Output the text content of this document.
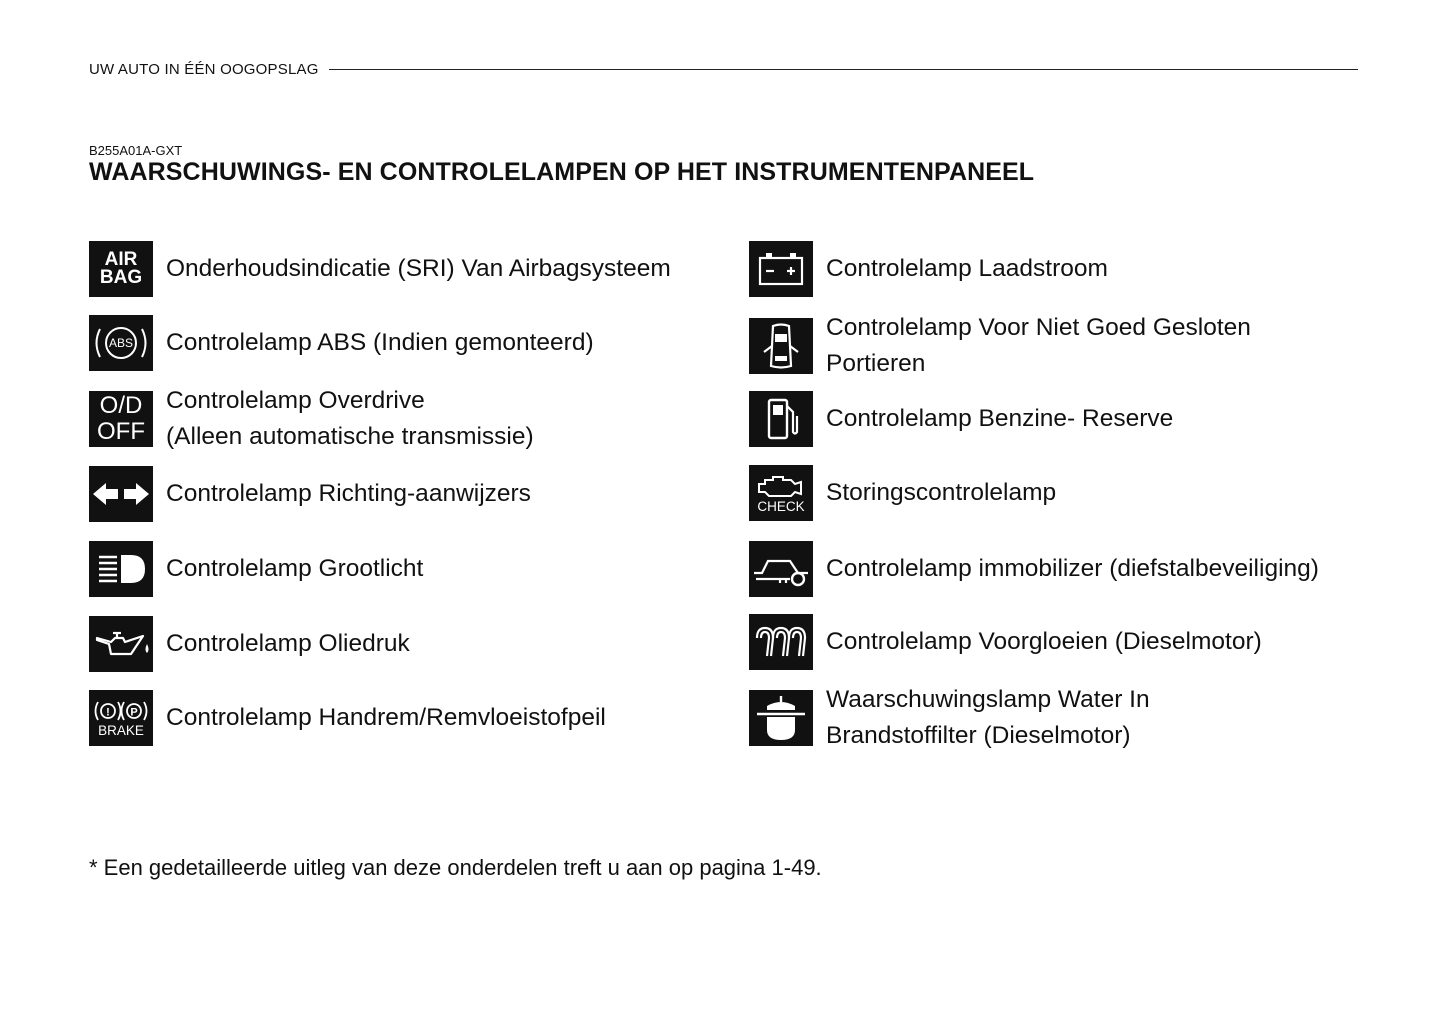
UW AUTO IN ÉÉN OOGOPSLAG
B255A01A-GXT
WAARSCHUWINGS- EN CONTROLELAMPEN OP HET INSTRUMENTENPANEEL
AIR
BAG Onderhoudsindicatie (SRI) Van Airbagsysteem
ABS Controlelamp ABS (Indien gemonteerd)
O/D
OFF
Controlelamp Overdrive
(Alleen automatische transmissie)
Controlelamp Richting-aanwijzers
Controlelamp Grootlicht
Controlelamp Oliedruk
! P
BRAKE Controlelamp Handrem/Remvloeistofpeil
Controlelamp Laadstroom
Controlelamp Voor Niet Goed Gesloten
Portieren
Controlelamp Benzine- Reserve
CHECK
Storingscontrolelamp
Controlelamp immobilizer (diefstalbeveiliging)
Controlelamp Voorgloeien (Dieselmotor)
Waarschuwingslamp Water In
Brandstoffilter (Dieselmotor)
* Een gedetailleerde uitleg van deze onderdelen treft u aan op pagina 1-49.
